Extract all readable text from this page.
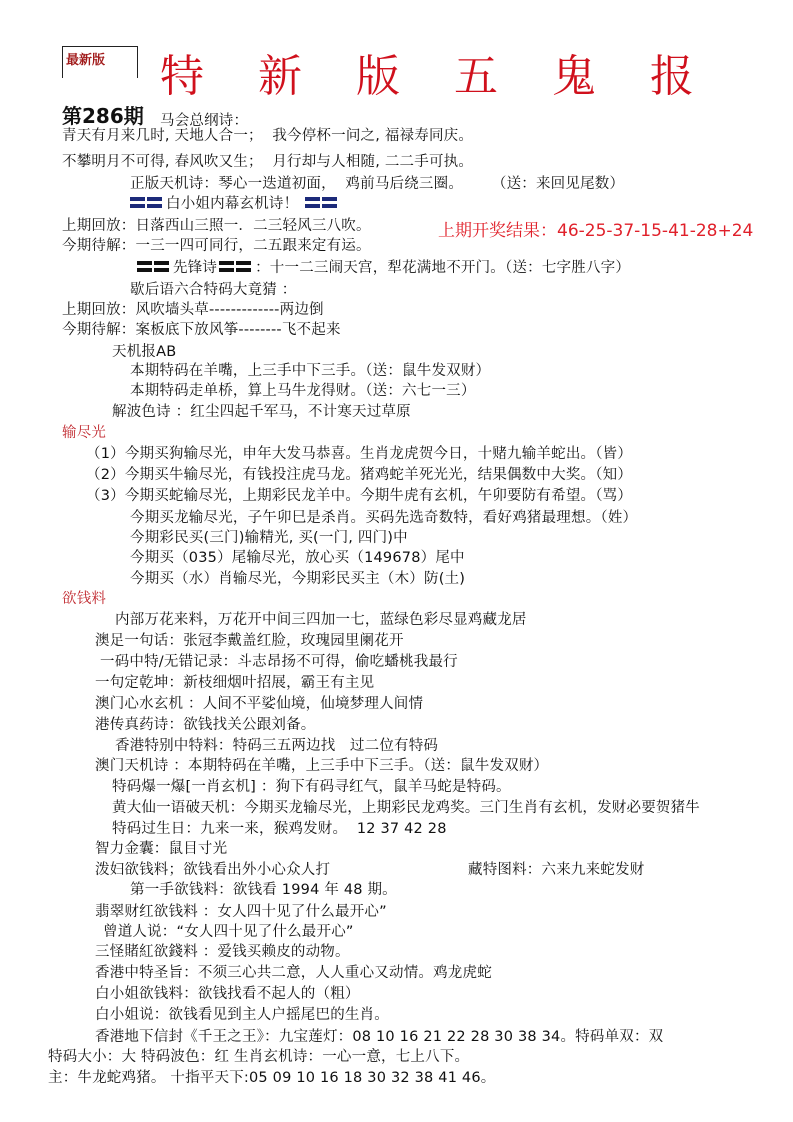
最新版 特 新 版 五 鬼 报
第286期 马会总纲诗：
青天有月来几时, 天地人合一；  我今停杯一问之, 福禄寿同庆。
不攀明月不可得, 春风吹又生；  月行却与人相随, 二二手可执。
正版天机诗：琴心一迭道初面，  鸡前马后绕三圈。      （送：来回见尾数）
白小姐内幕玄机诗！
上期回放：日落西山三照一．二三轻风三八吹。	上期开奖结果：46-25-37-15-41-28+24
今期待解：一三一四可同行，二五跟来定有运。
先锋诗	：十一二三闹天宫，犁花满地不开门。（送：七字胜八字）
歇后语六合特码大竟猜 ：
上期回放：风吹墙头草-------------两边倒
今期待解：案板底下放风筝--------飞不起来
天机报AB
本期特码在羊嘴，上三手中下三手。（送：鼠牛发双财）
本期特码走单桥，算上马牛龙得财。（送：六七一三）
解波色诗 ：红尘四起千军马，不计寒天过草原
输尽光
（1）今期买狗输尽光，申年大发马恭喜。生肖龙虎贺今日，十赌九输羊蛇出。（皆）
（2）今期买牛输尽光，有钱投注虎马龙。猪鸡蛇羊死光光，结果偶数中大奖。（知）
（3）今期买蛇输尽光，上期彩民龙羊中。今期牛虎有玄机，午卯要防有希望。（骂）
今期买龙输尽光，子午卯巳是杀肖。买码先选奇数特，看好鸡猪最理想。（姓）
今期彩民买(三门)输精光, 买(一门, 四门)中
今期买（035）尾输尽光，放心买（149678）尾中
今期买（水）肖输尽光，今期彩民买主（木）防(土)
欲钱料
内部万花来料，万花开中间三四加一七，蓝绿色彩尽显鸡藏龙居
澳足一句话：张冠李戴盖红脸，玫瑰园里阑花开
一码中特/无错记录：斗志昂扬不可得，偷吃蟠桃我最行
一句定乾坤：新枝细烟叶招展，霸王有主见
澳门心水玄机 ：人间不平娑仙境，仙境梦理人间情
港传真药诗：欲钱找关公跟刘备。
香港特别中特料：特码三五两边找   过二位有特码
澳门天机诗 ：本期特码在羊嘴，上三手中下三手。（送：鼠牛发双财）
特码爆一爆[一肖玄机] ：狗下有码寻红气，鼠羊马蛇是特码。
黄大仙一语破天机：今期买龙输尽光，上期彩民龙鸡奖。三门生肖有玄机，发财必要贺猪牛
特码过生日：九来一来，猴鸡发财。  12 37 42 28
智力金囊：鼠目寸光
泼妇欲钱料；欲钱看出外小心众人打	藏特图料：六来九来蛇发财
第一手欲钱料：欲钱看 1994 年 48 期。
翡翠财红欲钱料 ：女人四十见了什么最开心”
曾道人说：“女人四十见了什么最开心”
三怪賭紅欲錢料 ：爱钱买赖皮的动物。
香港中特圣旨：不须三心共二意，人人重心又动情。鸡龙虎蛇
白小姐欲钱料：欲钱找看不起人的（粗）
白小姐说：欲钱看见到主人户摇尾巴的生肖。
香港地下信封《千王之王》：九宝莲灯：08 10 16 21 22 28 30 38 34。特码单双：双
特码大小：大 特码波色：红 生肖玄机诗：一心一意，七上八下。
主：牛龙蛇鸡猪。 十指平天下:05 09 10 16 18 30 32 38 41 46。
